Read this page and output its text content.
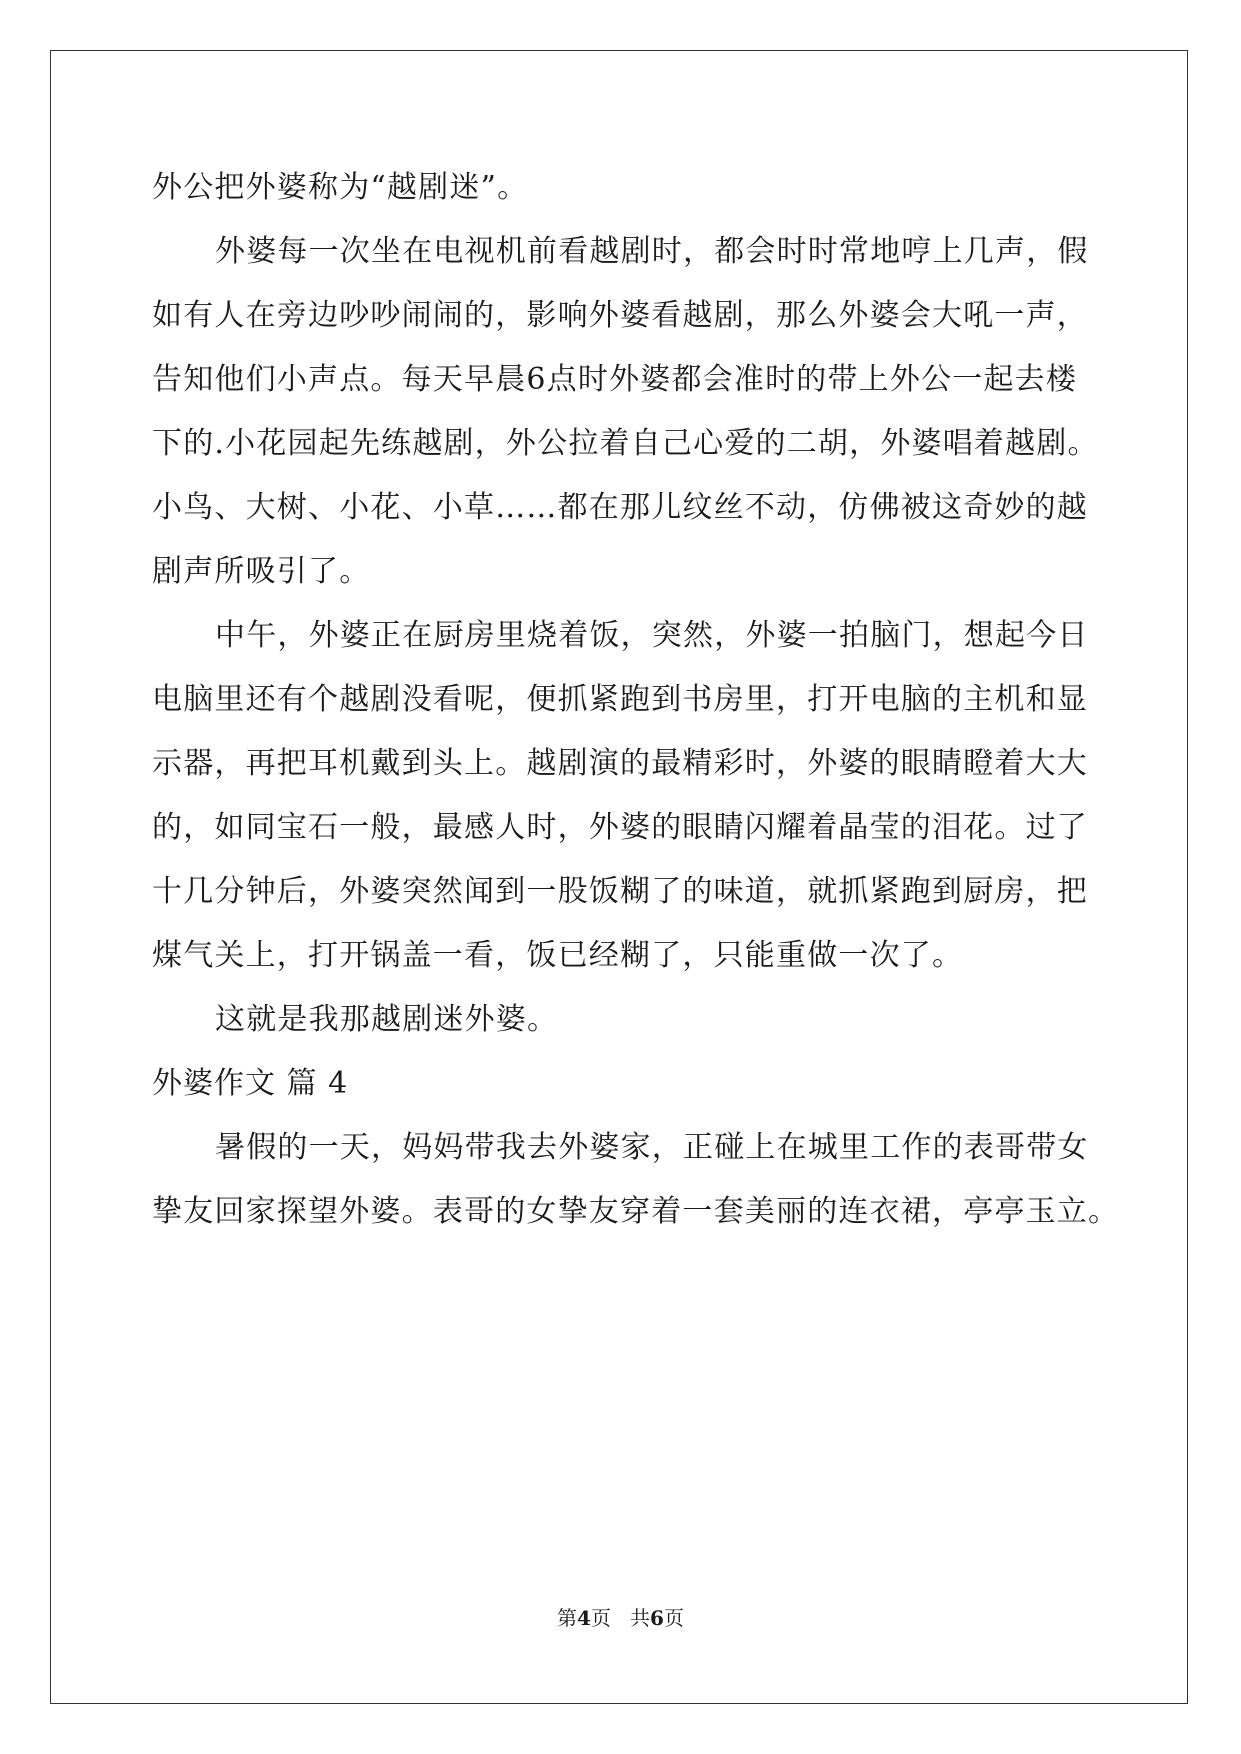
外公把外婆称为“越剧迷”。
外婆每一次坐在电视机前看越剧时，都会时时常地哼上几声，假
如有人在旁边吵吵闹闹的，影响外婆看越剧，那么外婆会大吼一声，
告知他们小声点。每天早晨6点时外婆都会准时的带上外公一起去楼
下的.小花园起先练越剧，外公拉着自己心爱的二胡，外婆唱着越剧。
小鸟、大树、小花、小草……都在那儿纹丝不动，仿佛被这奇妙的越
剧声所吸引了。
中午，外婆正在厨房里烧着饭，突然，外婆一拍脑门，想起今日
电脑里还有个越剧没看呢，便抓紧跑到书房里，打开电脑的主机和显
示器，再把耳机戴到头上。越剧演的最精彩时，外婆的眼睛瞪着大大
的，如同宝石一般，最感人时，外婆的眼睛闪耀着晶莹的泪花。过了
十几分钟后，外婆突然闻到一股饭糊了的味道，就抓紧跑到厨房，把
煤气关上，打开锅盖一看，饭已经糊了，只能重做一次了。
这就是我那越剧迷外婆。
外婆作文 篇 4
暑假的一天，妈妈带我去外婆家，正碰上在城里工作的表哥带女
挚友回家探望外婆。表哥的女挚友穿着一套美丽的连衣裙，亭亭玉立。
第4页 共6页
